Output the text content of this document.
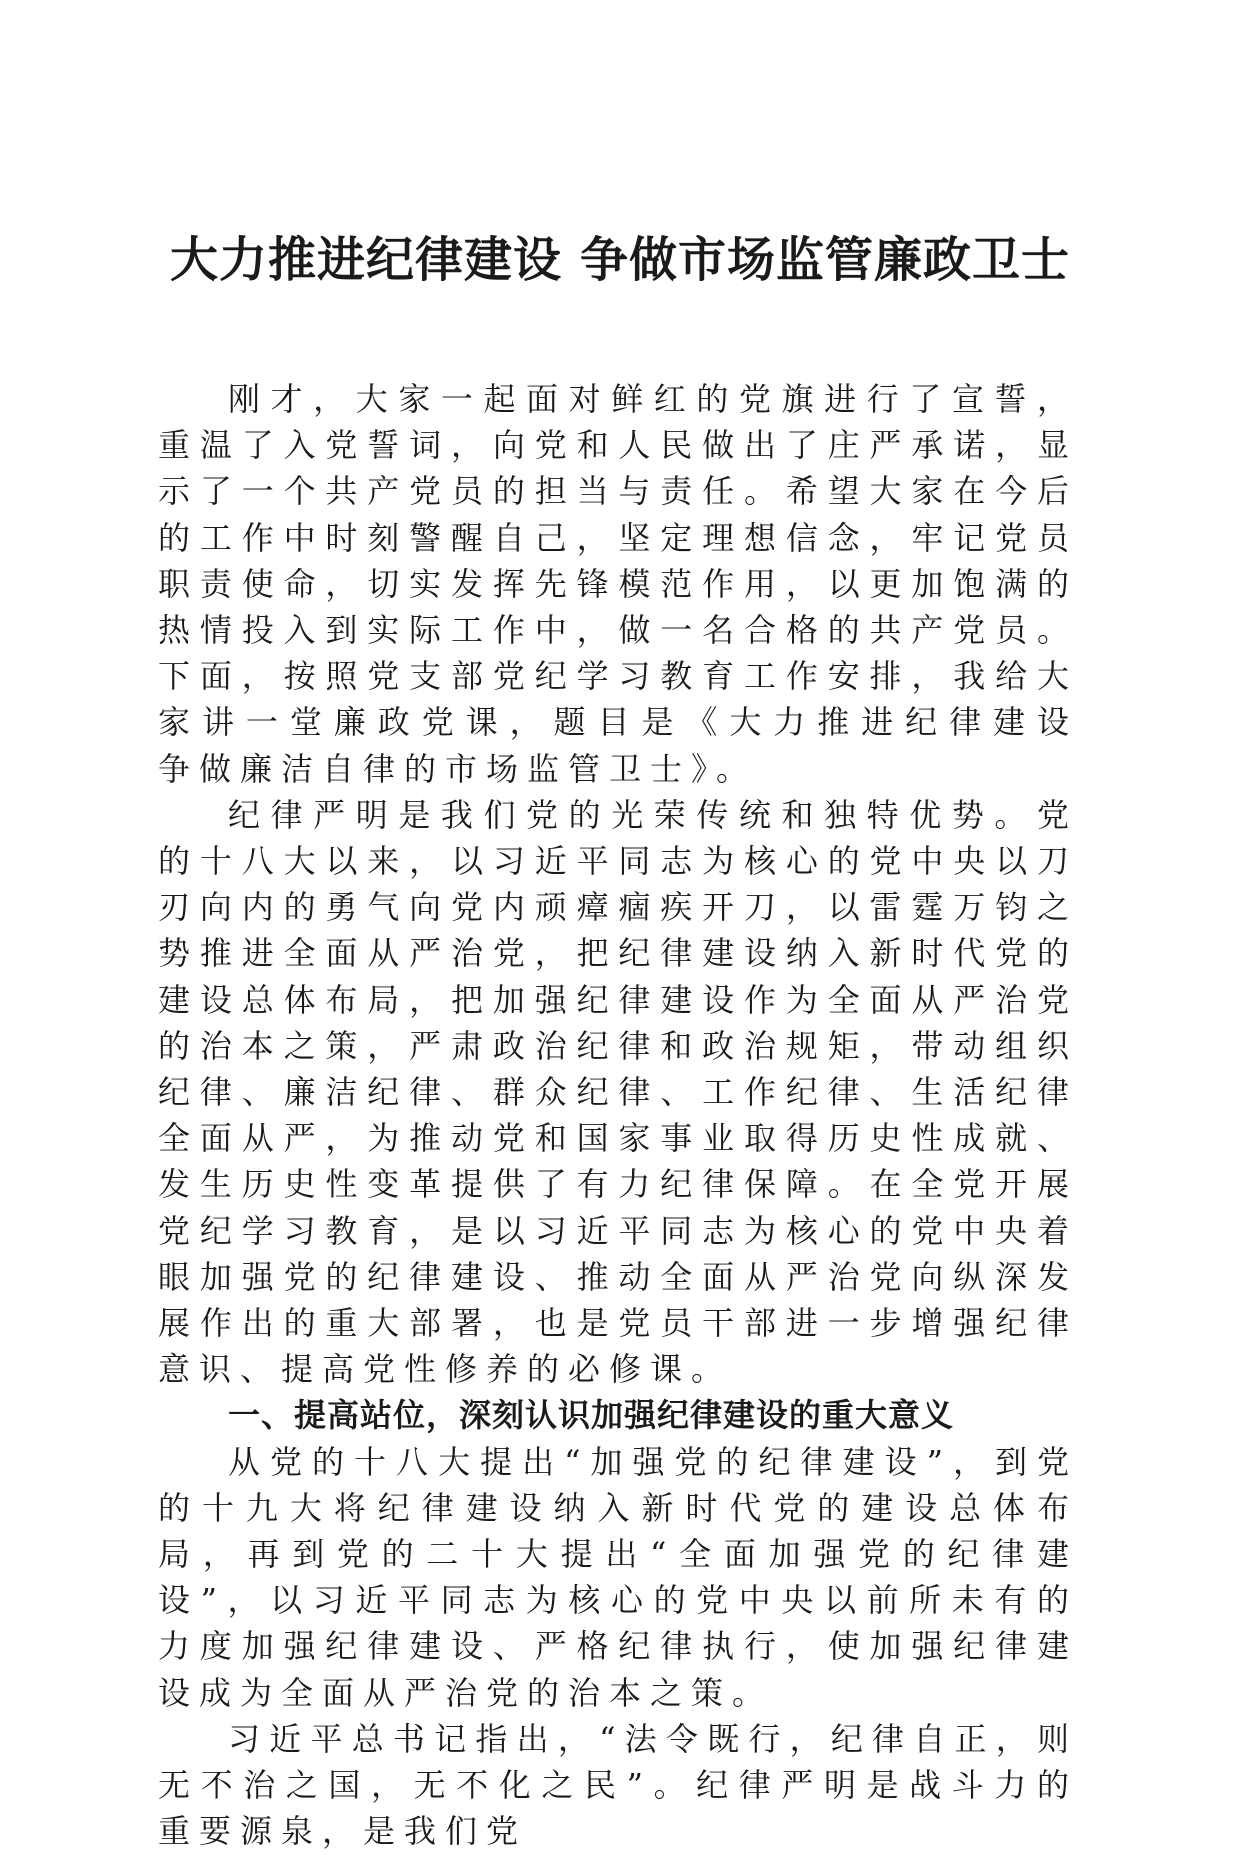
大力推进纪律建设 争做市场监管廉政卫士

刚才，大家一起面对鲜红的党旗进行了宣誓，重温了入党誓词，向党和人民做出了庄严承诺，显示了一个共产党员的担当与责任。希望大家在今后的工作中时刻警醒自己，坚定理想信念，牢记党员职责使命，切实发挥先锋模范作用，以更加饱满的热情投入到实际工作中，做一名合格的共产党员。下面，按照党支部党纪学习教育工作安排，我给大家讲一堂廉政党课，题目是《大力推进纪律建设 争做廉洁自律的市场监管卫士》。

纪律严明是我们党的光荣传统和独特优势。党的十八大以来，以习近平同志为核心的党中央以刀刃向内的勇气向党内顽瘴痼疾开刀，以雷霆万钧之势推进全面从严治党，把纪律建设纳入新时代党的建设总体布局，把加强纪律建设作为全面从严治党的治本之策，严肃政治纪律和政治规矩，带动组织纪律、廉洁纪律、群众纪律、工作纪律、生活纪律全面从严，为推动党和国家事业取得历史性成就、发生历史性变革提供了有力纪律保障。在全党开展党纪学习教育，是以习近平同志为核心的党中央着眼加强党的纪律建设、推动全面从严治党向纵深发展作出的重大部署，也是党员干部进一步增强纪律意识、提高党性修养的必修课。

一、提高站位，深刻认识加强纪律建设的重大意义

从党的十八大提出“加强党的纪律建设”，到党的十九大将纪律建设纳入新时代党的建设总体布局，再到党的二十大提出“全面加强党的纪律建设”，以习近平同志为核心的党中央以前所未有的力度加强纪律建设、严格纪律执行，使加强纪律建设成为全面从严治党的治本之策。

习近平总书记指出，“法令既行，纪律自正，则无不治之国，无不化之民”。纪律严明是战斗力的重要源泉，是我们党
